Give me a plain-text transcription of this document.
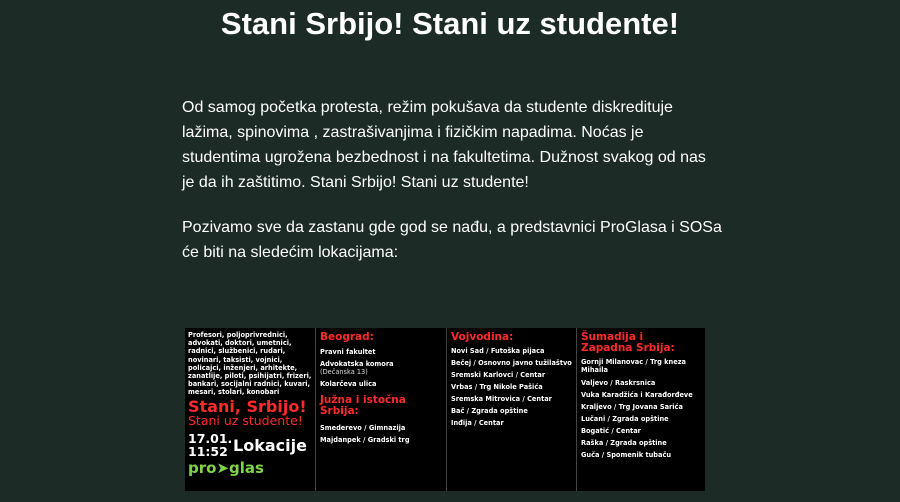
Stani Srbijo! Stani uz studente!

Od samog početka protesta, režim pokušava da studente diskredituje lažima, spinovima , zastrašivanjima i fizičkim napadima. Noćas je studentima ugrožena bezbednost i na fakultetima. Dužnost svakog od nas je da ih zaštitimo. Stani Srbijo! Stani uz studente!

Pozivamo sve da zastanu gde god se nađu, a predstavnici ProGlasa i SOSa će biti na sledećim lokacijama:

Profesori, poljoprivrednici, advokati, doktori, umetnici, radnici, službenici, rudari, novinari, taksisti, vojnici, policajci, inženjeri, arhitekte, zanatlije, piloti, psihijatri, frizeri, bankari, socijalni radnici, kuvari, mesari, stolari, konobari
Stani, Srbijo!
Stani uz studente!
17.01.
11:52 Lokacije
pro➤glas
Beograd:
Pravni fakultet
Advokatska komora
(Dečanska 13)
Kolarčeva ulica
Južna i istočna
Srbija:
Smederevo / Gimnazija
Majdanpek / Gradski trg
Vojvodina:
Novi Sad / Futoška pijaca
Bečej / Osnovno javno tužilaštvo
Sremski Karlovci / Centar
Vrbas / Trg Nikole Pašića
Sremska Mitrovica / Centar
Bač / Zgrada opštine
Inđija / Centar
Šumadija i
Zapadna Srbija:
Gornji Milanovac / Trg kneza
Mihaila
Valjevo / Raskrsnica
Vuka Karadžića i Karađorđeve
Kraljevo / Trg Jovana Sarića
Lučani / Zgrada opštine
Bogatić / Centar
Raška / Zgrada opštine
Guča / Spomenik tubaču
